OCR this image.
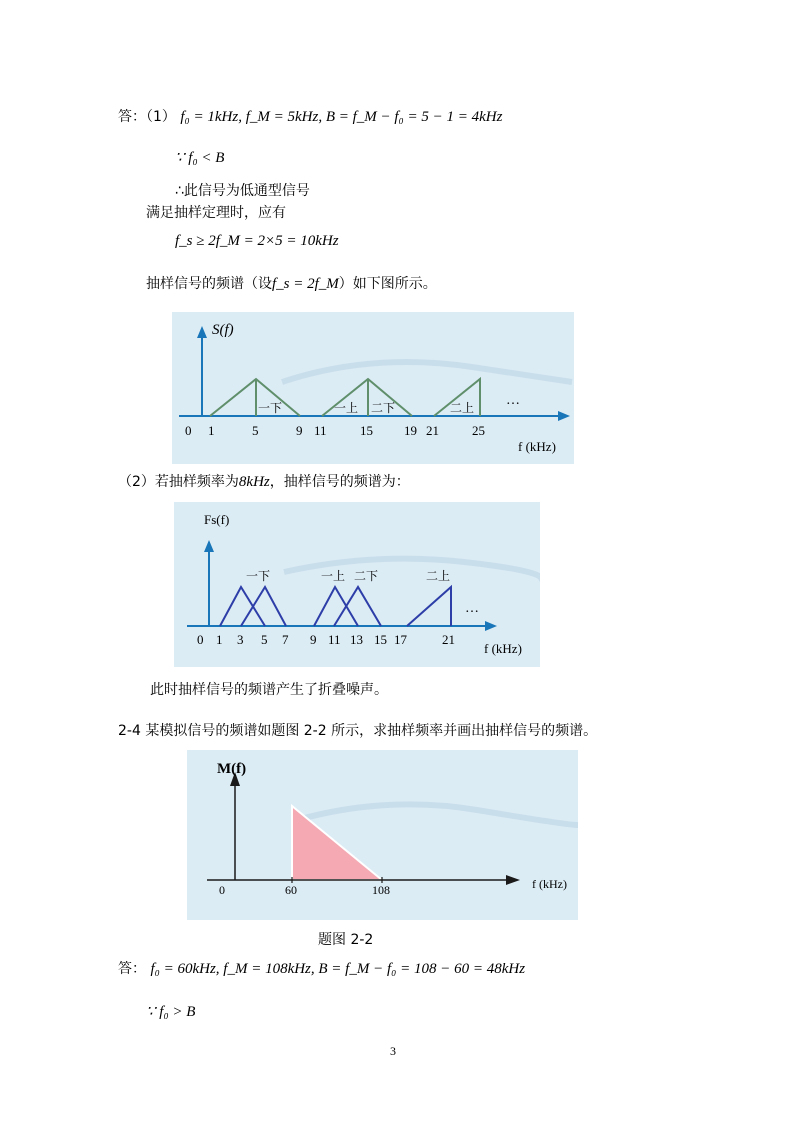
答：（1） f₀ = 1kHz, f_M = 5kHz, B = f_M − f₀ = 5 − 1 = 4kHz
∵ f₀ < B
∴此信号为低通型信号
满足抽样定理时，应有
f_s ≥ 2f_M = 2×5 = 10kHz
抽样信号的频谱（设f_s = 2f_M）如下图所示。
S(f)
一下	一上 二下	二上 …
0 1	5	9 11	15 19 21	25
f (kHz)
（2）若抽样频率为8kHz，抽样信号的频谱为：
Fs(f)
一下	一上 二下	二上
…
0 1 3 5 7 9 11 13 15 17	21
f (kHz)
此时抽样信号的频谱产生了折叠噪声。
2-4 某模拟信号的频谱如题图 2-2 所示，求抽样频率并画出抽样信号的频谱。
M(f)
0	60	108	f (kHz)
题图 2-2
答： f₀ = 60kHz, f_M = 108kHz, B = f_M − f₀ = 108 − 60 = 48kHz
∵ f₀ > B
3
